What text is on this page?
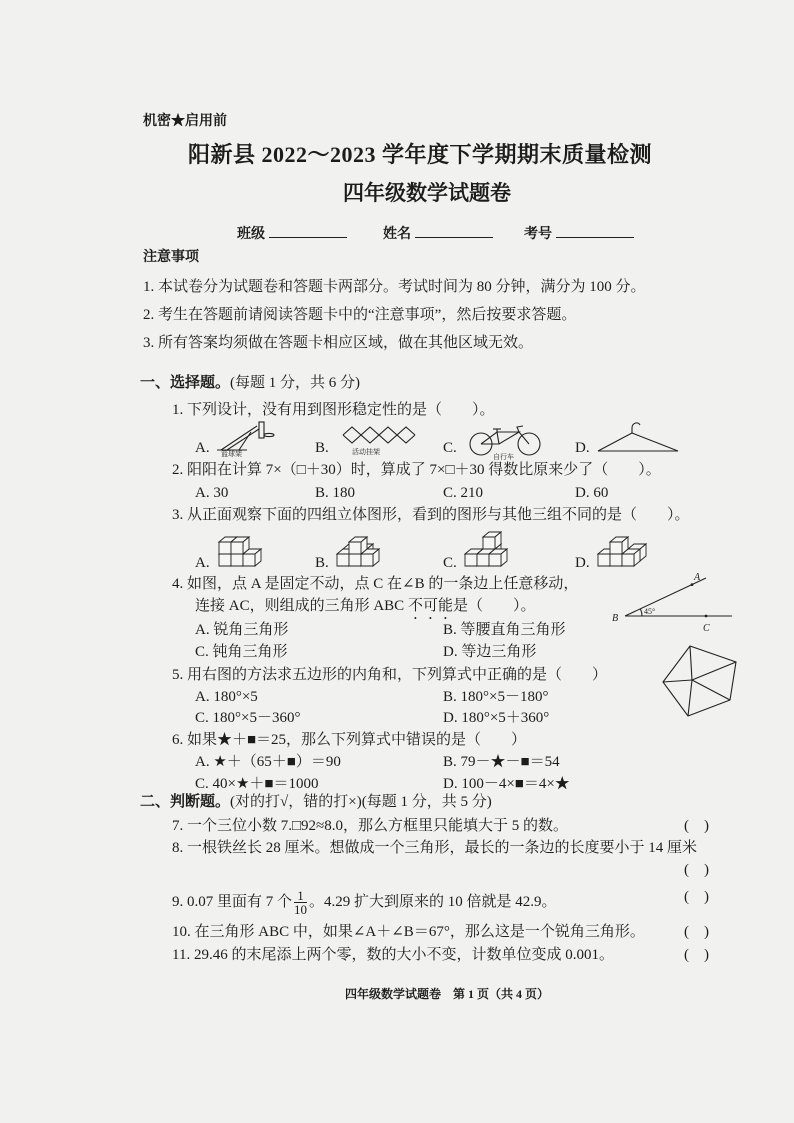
机密★启用前
阳新县 2022～2023 学年度下学期期末质量检测
四年级数学试题卷
班级	姓名	考号
注意事项
1. 本试卷分为试题卷和答题卡两部分。考试时间为 80 分钟，满分为 100 分。
2. 考生在答题前请阅读答题卡中的“注意事项”，然后按要求答题。
3. 所有答案均须做在答题卡相应区域，做在其他区域无效。
一、选择题。(每题 1 分，共 6 分)
1. 下列设计，没有用到图形稳定性的是（　　）。
A. 篮球架	B.	活动挂架	C.
自行车
D.
2. 阳阳在计算 7×（□＋30）时，算成了 7×□＋30 得数比原来少了（　　）。
A. 30	B. 180	C. 210	D. 60
3. 从正面观察下面的四组立体图形，看到的图形与其他三组不同的是（　　）。
A.	B.	C.	D.
4. 如图，点 A 是固定不动，点 C 在∠B 的一条边上任意移动，
连接 AC，则组成的三角形 ABC 不可能是（　　）。
A. 锐角三角形	B. 等腰直角三角形
C. 钝角三角形	D. 等边三角形
A
B
C
45°
5. 用右图的方法求五边形的内角和，下列算式中正确的是（　　）
A. 180°×5	B. 180°×5－180°
C. 180°×5－360°	D. 180°×5＋360°
6. 如果★＋■＝25，那么下列算式中错误的是（　　）
A. ★＋（65＋■）＝90	B. 79－★－■＝54
C. 40×★＋■＝1000	D. 100－4×■＝4×★
二、判断题。(对的打√，错的打×)(每题 1 分，共 5 分)
7. 一个三位小数 7.□92≈8.0，那么方框里只能填大于 5 的数。	(　)
8. 一根铁丝长 28 厘米。想做成一个三角形，最长的一条边的长度要小于 14 厘米
(　)
9. 0.07 里面有 7 个 $\frac{1}{10}$ 。4.29 扩大到原来的 10 倍就是 42.9。	(　)
10. 在三角形 ABC 中，如果∠A＋∠B＝67°，那么这是一个锐角三角形。	(　)
11. 29.46 的末尾添上两个零，数的大小不变，计数单位变成 0.001。	(　)
四年级数学试题卷　第 1 页（共 4 页）
